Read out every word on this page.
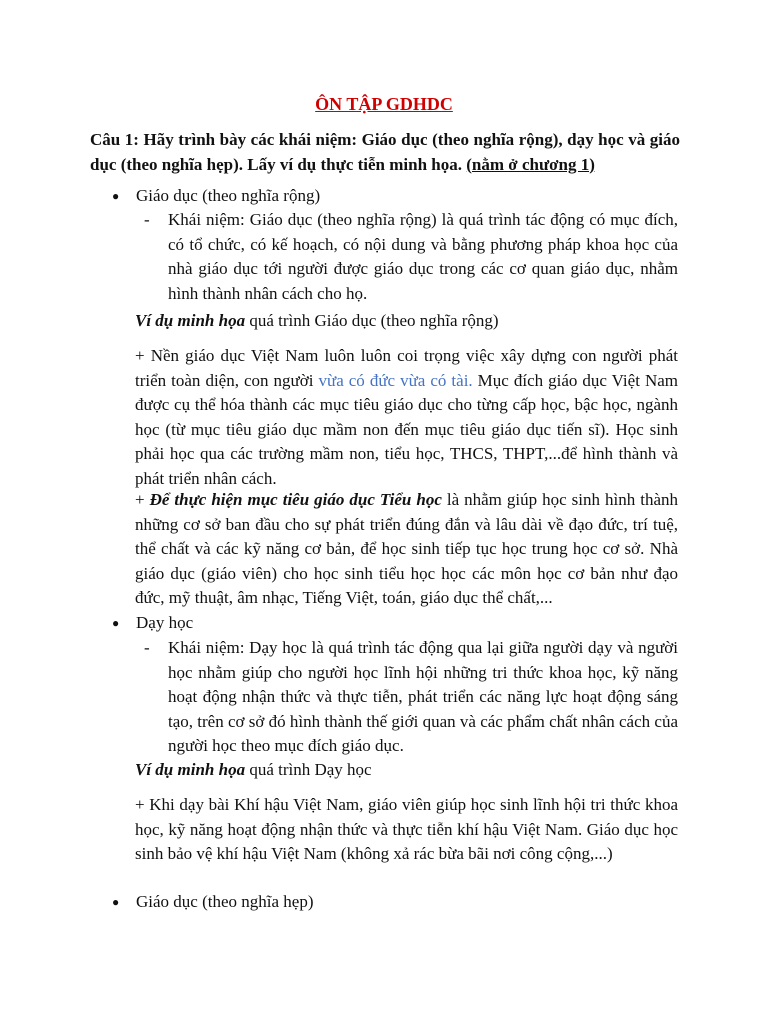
ÔN TẬP GDHDC
Câu 1: Hãy trình bày các khái niệm: Giáo dục (theo nghĩa rộng), dạy học và giáo dục (theo nghĩa hẹp). Lấy ví dụ thực tiễn minh họa. (nằm ở chương 1)
● Giáo dục (theo nghĩa rộng)
- Khái niệm: Giáo dục (theo nghĩa rộng) là quá trình tác động có mục đích, có tổ chức, có kế hoạch, có nội dung và bằng phương pháp khoa học của nhà giáo dục tới người được giáo dục trong các cơ quan giáo dục, nhằm hình thành nhân cách cho họ.
Ví dụ minh họa quá trình Giáo dục (theo nghĩa rộng)
+ Nền giáo dục Việt Nam luôn luôn coi trọng việc xây dựng con người phát triển toàn diện, con người vừa có đức vừa có tài. Mục đích giáo dục Việt Nam được cụ thể hóa thành các mục tiêu giáo dục cho từng cấp học, bậc học, ngành học (từ mục tiêu giáo dục mầm non đến mục tiêu giáo dục tiến sĩ). Học sinh phải học qua các trường mầm non, tiểu học, THCS, THPT,...để hình thành và phát triển nhân cách.
+ Để thực hiện mục tiêu giáo dục Tiểu học là nhằm giúp học sinh hình thành những cơ sở ban đầu cho sự phát triển đúng đắn và lâu dài về đạo đức, trí tuệ, thể chất và các kỹ năng cơ bản, để học sinh tiếp tục học trung học cơ sở. Nhà giáo dục (giáo viên) cho học sinh tiểu học học các môn học cơ bản như đạo đức, mỹ thuật, âm nhạc, Tiếng Việt, toán, giáo dục thể chất,...
● Dạy học
- Khái niệm: Dạy học là quá trình tác động qua lại giữa người dạy và người học nhằm giúp cho người học lĩnh hội những tri thức khoa học, kỹ năng hoạt động nhận thức và thực tiễn, phát triển các năng lực hoạt động sáng tạo, trên cơ sở đó hình thành thế giới quan và các phẩm chất nhân cách của người học theo mục đích giáo dục.
Ví dụ minh họa quá trình Dạy học
+ Khi dạy bài Khí hậu Việt Nam, giáo viên giúp học sinh lĩnh hội tri thức khoa học, kỹ năng hoạt động nhận thức và thực tiễn khí hậu Việt Nam. Giáo dục học sinh bảo vệ khí hậu Việt Nam (không xả rác bừa bãi nơi công cộng,...)
● Giáo dục (theo nghĩa hẹp)
